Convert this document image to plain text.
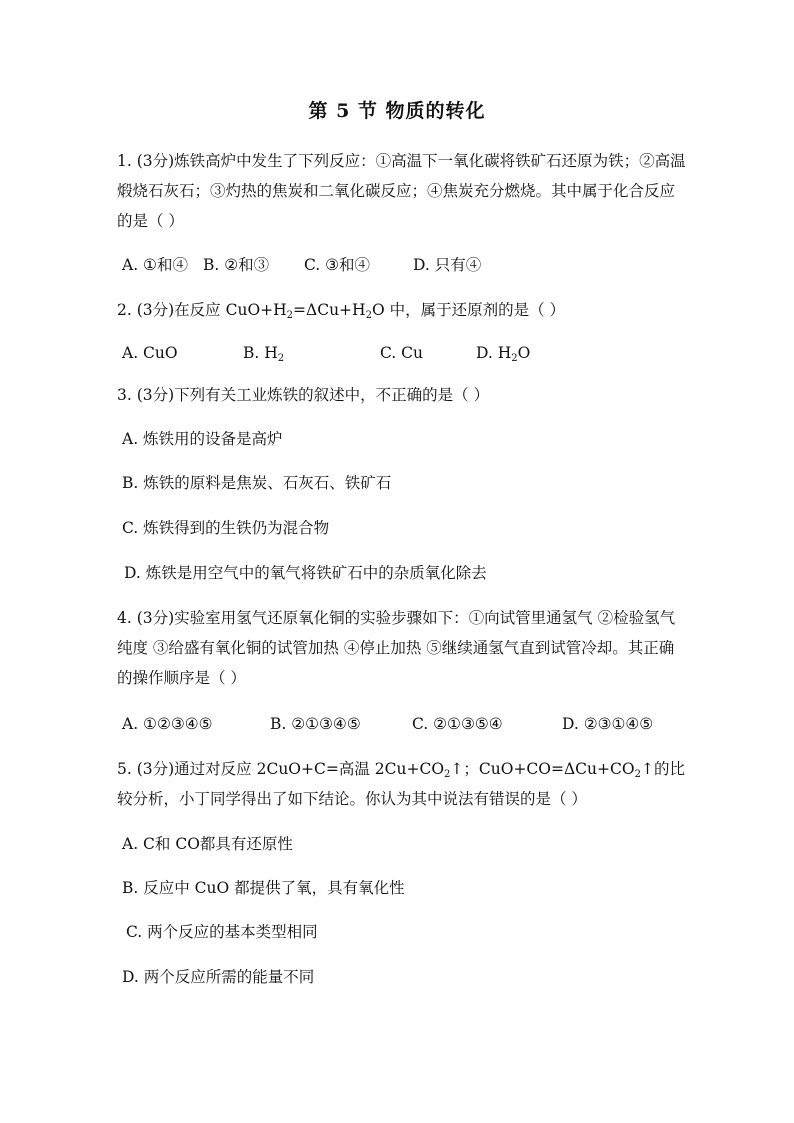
第 5 节 物质的转化
1. (3分)炼铁高炉中发生了下列反应：①高温下一氧化碳将铁矿石还原为铁；②高温煅烧石灰石；③灼热的焦炭和二氧化碳反应；④焦炭充分燃烧。其中属于化合反应的是（ ）
A. ①和④ B. ②和③ C. ③和④	D. 只有④
2. (3分)在反应 $CuO+H_2=\Delta Cu+H_2O$ 中，属于还原剂的是（ ）
A. CuO	B. $H_2$	C. Cu	D. $H_2O$
3. (3分)下列有关工业炼铁的叙述中，不正确的是（ ）
A. 炼铁用的设备是高炉
B. 炼铁的原料是焦炭、石灰石、铁矿石
C. 炼铁得到的生铁仍为混合物
D. 炼铁是用空气中的氧气将铁矿石中的杂质氧化除去
4. (3分)实验室用氢气还原氧化铜的实验步骤如下：①向试管里通氢气 ②检验氢气纯度 ③给盛有氧化铜的试管加热 ④停止加热 ⑤继续通氢气直到试管冷却。其正确的操作顺序是（ ）
A. ①②③④⑤	B. ②①③④⑤	C. ②①③⑤④	D. ②③①④⑤
5. (3分)通过对反应 2CuO+C=高温 $2Cu+CO_2↑$；$CuO+CO=\Delta Cu+CO_2↑$的比较分析，小丁同学得出了如下结论。你认为其中说法有错误的是（ ）
A. C和 CO都具有还原性
B. 反应中 CuO 都提供了氧，具有氧化性
C. 两个反应的基本类型相同
D. 两个反应所需的能量不同
